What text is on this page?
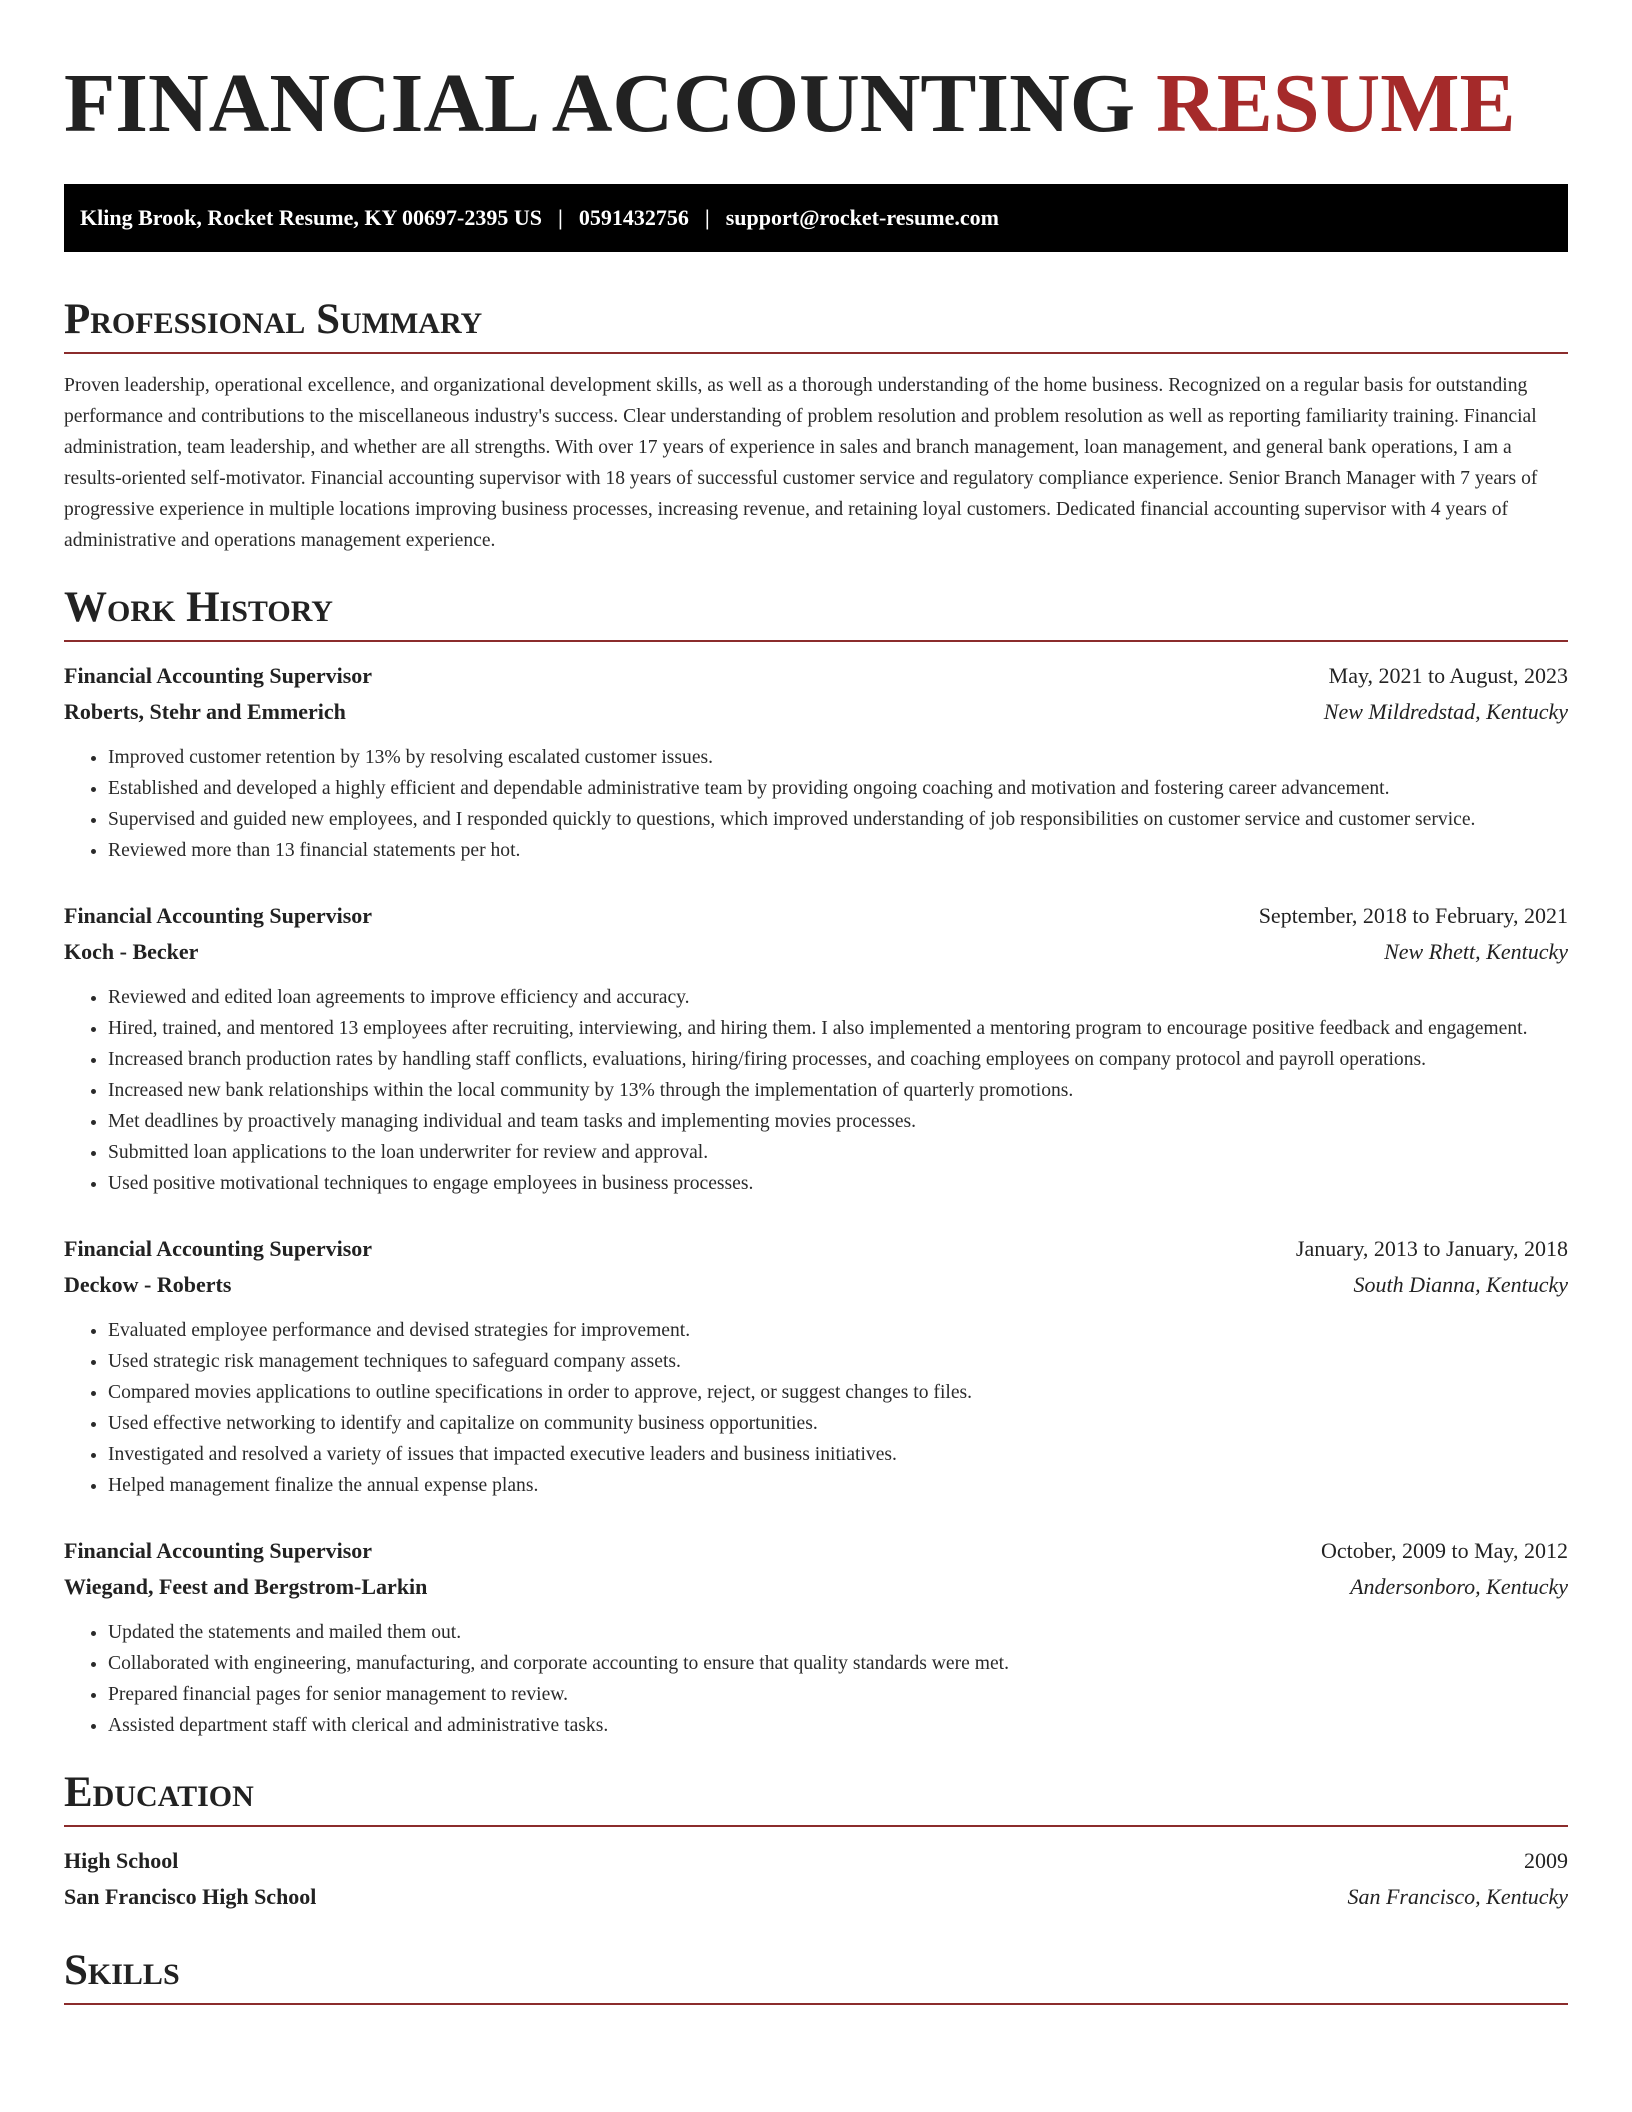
FINANCIAL ACCOUNTING RESUME
Kling Brook, Rocket Resume, KY 00697-2395 US | 0591432756 | support@rocket-resume.com
Professional Summary

Proven leadership, operational excellence, and organizational development skills, as well as a thorough understanding of the home business. Recognized on a regular basis for outstanding performance and contributions to the miscellaneous industry's success. Clear understanding of problem resolution and problem resolution as well as reporting familiarity training. Financial administration, team leadership, and whether are all strengths. With over 17 years of experience in sales and branch management, loan management, and general bank operations, I am a results-oriented self-motivator. Financial accounting supervisor with 18 years of successful customer service and regulatory compliance experience. Senior Branch Manager with 7 years of progressive experience in multiple locations improving business processes, increasing revenue, and retaining loyal customers. Dedicated financial accounting supervisor with 4 years of administrative and operations management experience.

Work History
Financial Accounting Supervisor	May, 2021 to August, 2023
Roberts, Stehr and Emmerich	New Mildredstad, Kentucky
• Improved customer retention by 13% by resolving escalated customer issues.
• Established and developed a highly efficient and dependable administrative team by providing ongoing coaching and motivation and fostering career advancement.
• Supervised and guided new employees, and I responded quickly to questions, which improved understanding of job responsibilities on customer service and customer service.
• Reviewed more than 13 financial statements per hot.
Financial Accounting Supervisor	September, 2018 to February, 2021
Koch - Becker	New Rhett, Kentucky
• Reviewed and edited loan agreements to improve efficiency and accuracy.
• Hired, trained, and mentored 13 employees after recruiting, interviewing, and hiring them. I also implemented a mentoring program to encourage positive feedback and engagement.
• Increased branch production rates by handling staff conflicts, evaluations, hiring/firing processes, and coaching employees on company protocol and payroll operations.
• Increased new bank relationships within the local community by 13% through the implementation of quarterly promotions.
• Met deadlines by proactively managing individual and team tasks and implementing movies processes.
• Submitted loan applications to the loan underwriter for review and approval.
• Used positive motivational techniques to engage employees in business processes.
Financial Accounting Supervisor	January, 2013 to January, 2018
Deckow - Roberts	South Dianna, Kentucky
• Evaluated employee performance and devised strategies for improvement.
• Used strategic risk management techniques to safeguard company assets.
• Compared movies applications to outline specifications in order to approve, reject, or suggest changes to files.
• Used effective networking to identify and capitalize on community business opportunities.
• Investigated and resolved a variety of issues that impacted executive leaders and business initiatives.
• Helped management finalize the annual expense plans.
Financial Accounting Supervisor	October, 2009 to May, 2012
Wiegand, Feest and Bergstrom-Larkin	Andersonboro, Kentucky
• Updated the statements and mailed them out.
• Collaborated with engineering, manufacturing, and corporate accounting to ensure that quality standards were met.
• Prepared financial pages for senior management to review.
• Assisted department staff with clerical and administrative tasks.
Education
High School	2009
San Francisco High School	San Francisco, Kentucky
Skills
